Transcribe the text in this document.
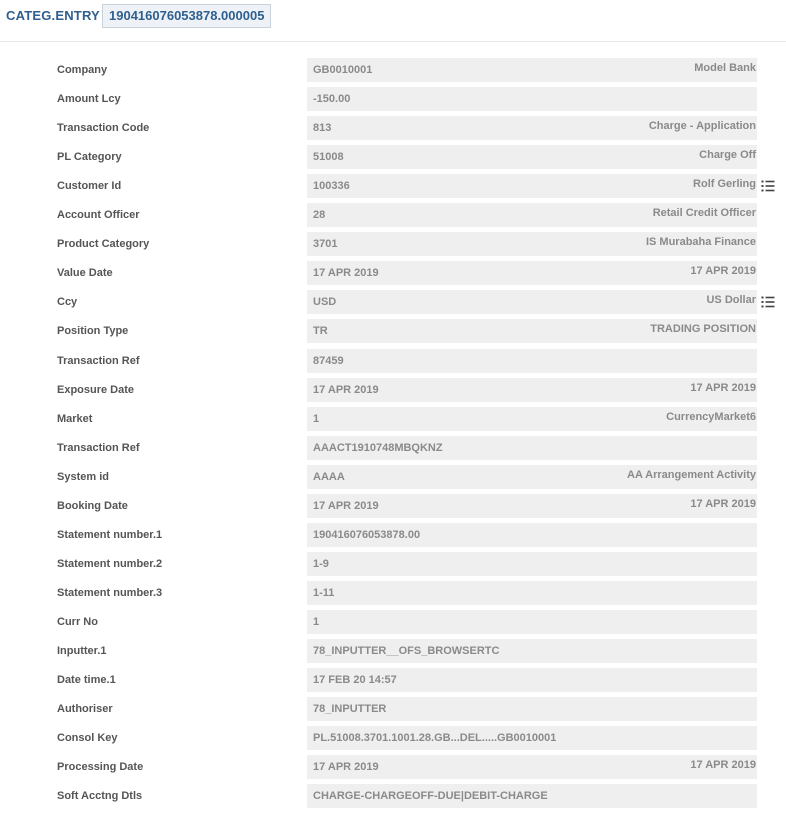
CATEG.ENTRY 190416076053878.000005
Company	GB0010001	Model Bank
Amount Lcy	-150.00
Transaction Code	813	Charge - Application
PL Category	51008	Charge Off
Customer Id	100336	Rolf Gerling
Account Officer	28	Retail Credit Officer
Product Category	3701	IS Murabaha Finance
Value Date	17 APR 2019	17 APR 2019
Ccy	USD	US Dollar
Position Type	TR	TRADING POSITION
Transaction Ref	87459
Exposure Date	17 APR 2019	17 APR 2019
Market	1	CurrencyMarket6
Transaction Ref	AAACT1910748MBQKNZ
System id	AAAA	AA Arrangement Activity
Booking Date	17 APR 2019	17 APR 2019
Statement number.1	190416076053878.00
Statement number.2	1-9
Statement number.3	1-11
Curr No	1
Inputter.1	78_INPUTTER__OFS_BROWSERTC
Date time.1	17 FEB 20 14:57
Authoriser	78_INPUTTER
Consol Key	PL.51008.3701.1001.28.GB...DEL.....GB0010001
Processing Date	17 APR 2019	17 APR 2019
Soft Acctng Dtls	CHARGE-CHARGEOFF-DUE|DEBIT-CHARGE
